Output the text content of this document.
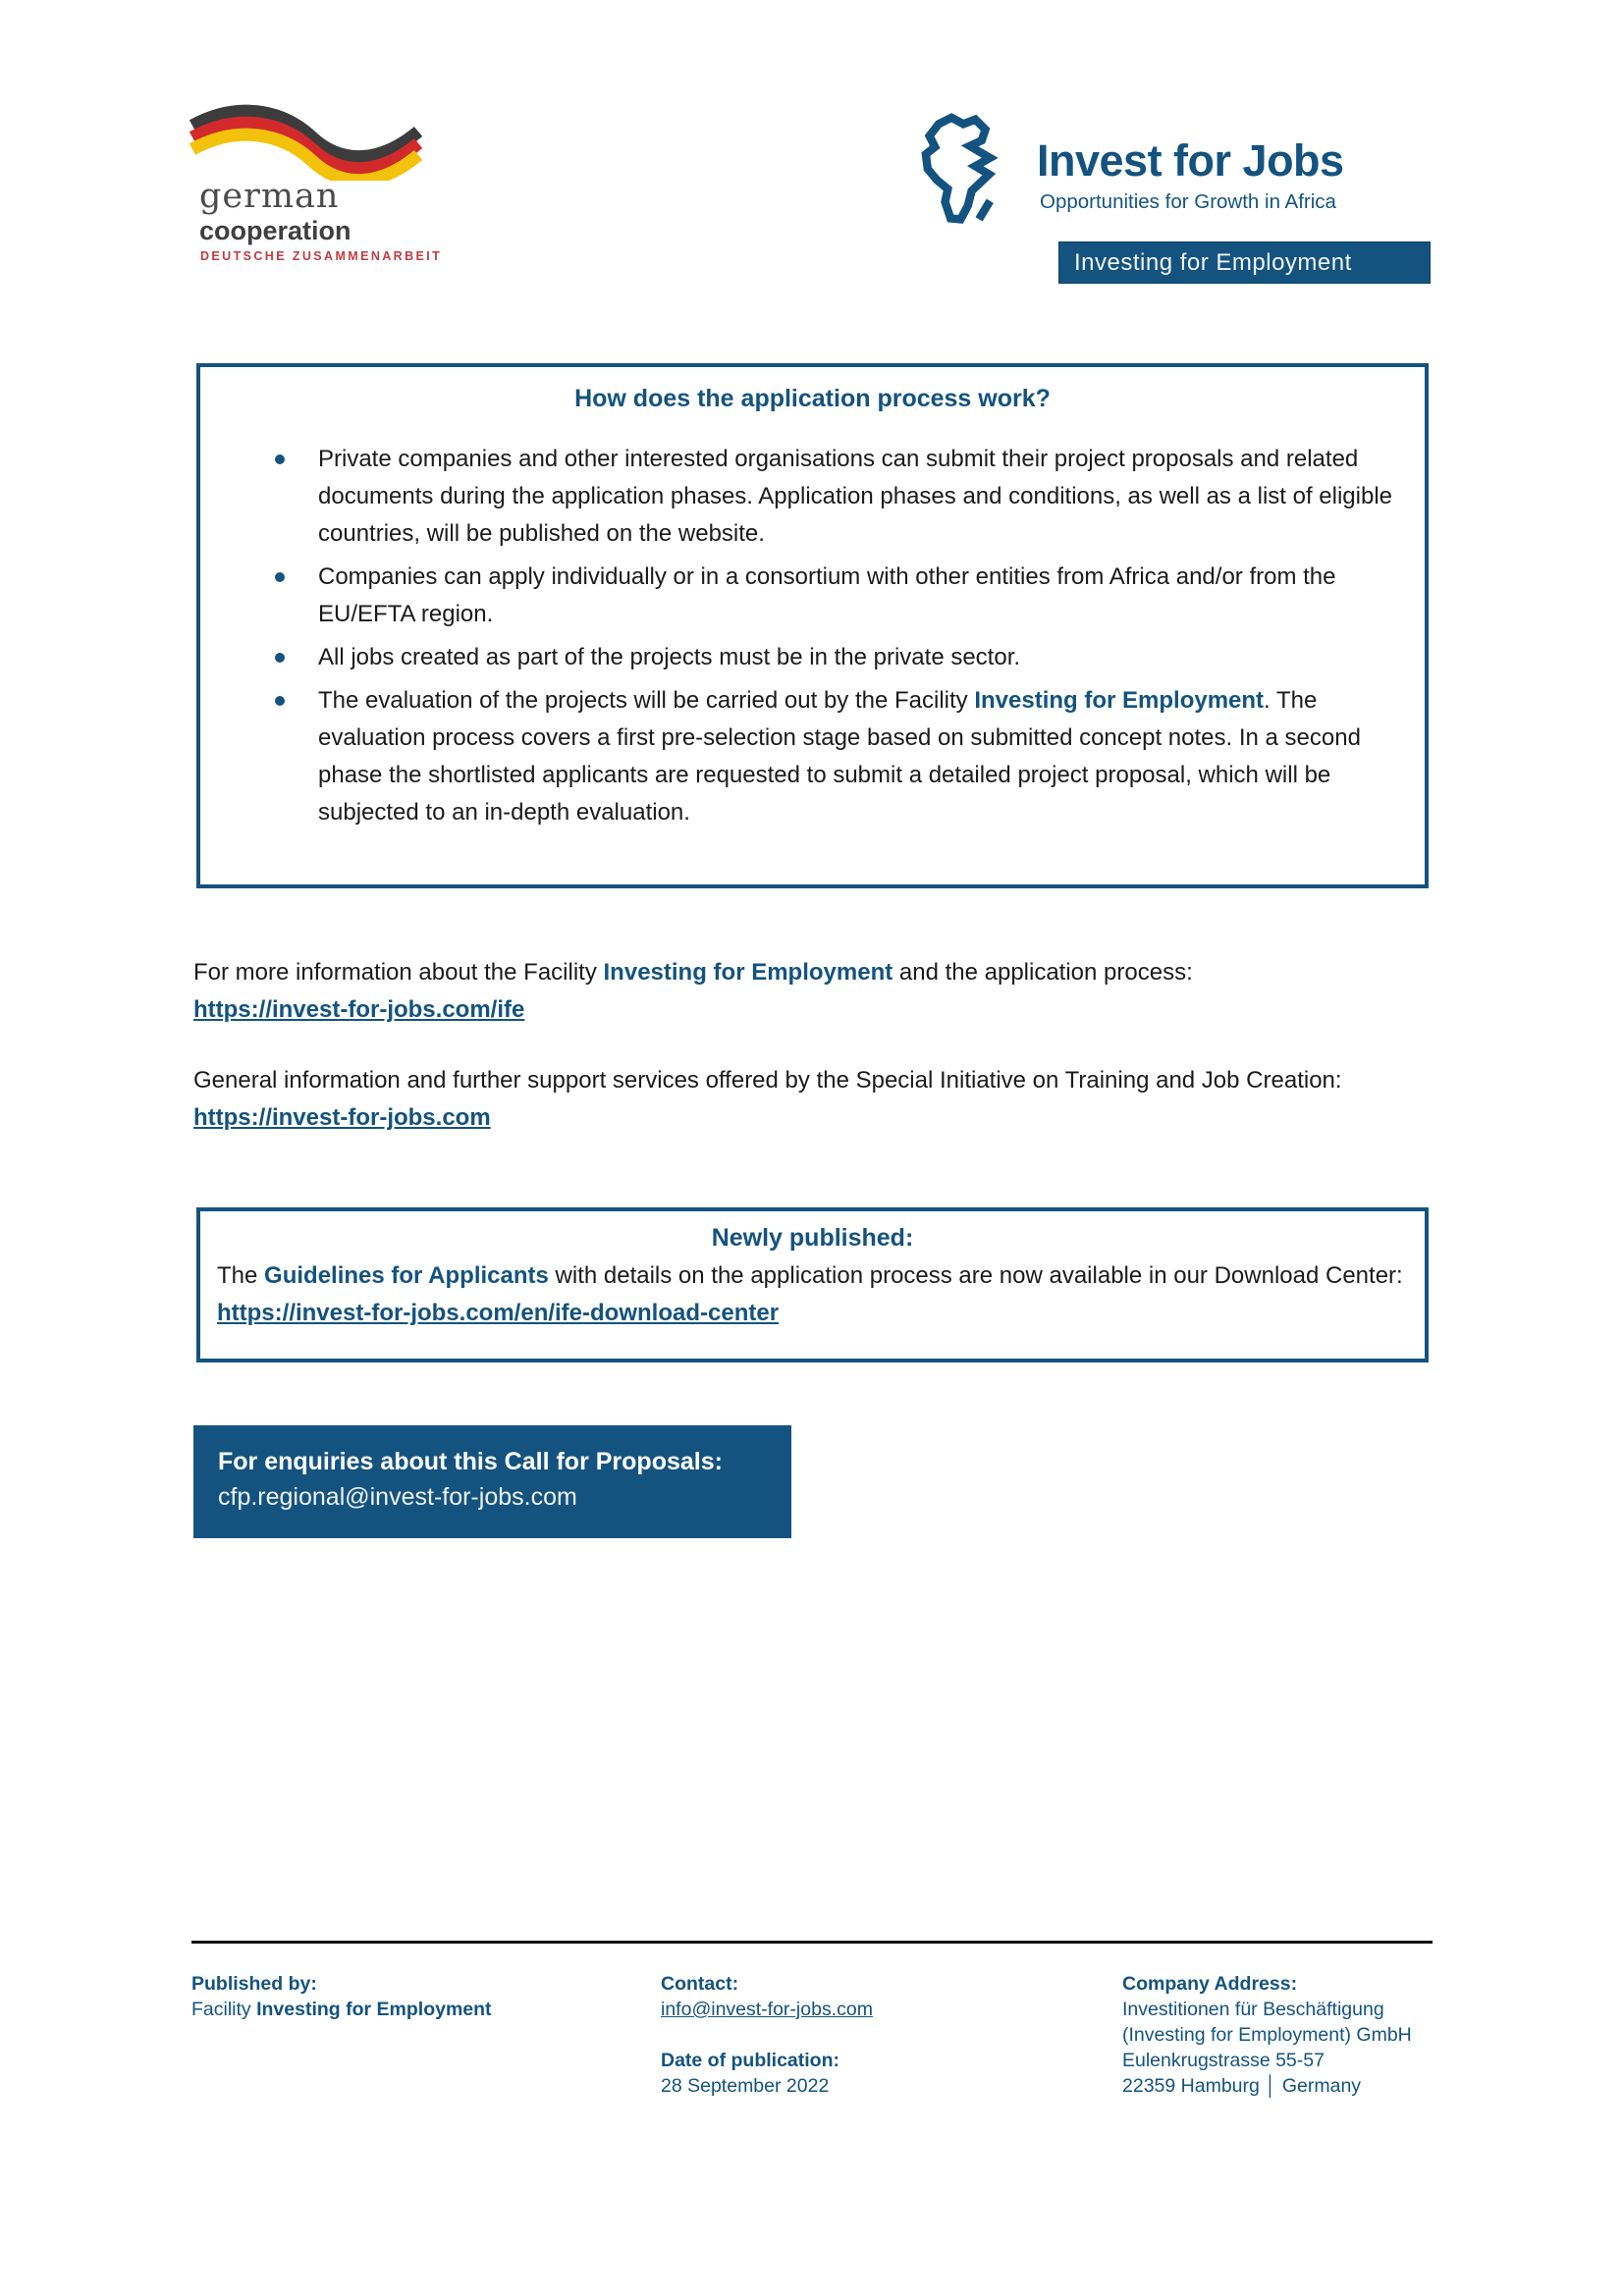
german
cooperation
DEUTSCHE ZUSAMMENARBEIT
Invest for Jobs
Opportunities for Growth in Africa
Investing for Employment
How does the application process work?
Private companies and other interested organisations can submit their project proposals and related documents during the application phases. Application phases and conditions, as well as a list of eligible countries, will be published on the website.
Companies can apply individually or in a consortium with other entities from Africa and/or from the EU/EFTA region.
All jobs created as part of the projects must be in the private sector.
The evaluation of the projects will be carried out by the Facility Investing for Employment. The evaluation process covers a first pre-selection stage based on submitted concept notes. In a second phase the shortlisted applicants are requested to submit a detailed project proposal, which will be subjected to an in-depth evaluation.
For more information about the Facility Investing for Employment and the application process:
https://invest-for-jobs.com/ife
General information and further support services offered by the Special Initiative on Training and Job Creation: https://invest-for-jobs.com
Newly published:
The Guidelines for Applicants with details on the application process are now available in our Download Center: https://invest-for-jobs.com/en/ife-download-center
For enquiries about this Call for Proposals:
cfp.regional@invest-for-jobs.com
Published by:
Facility Investing for Employment
Contact:
info@invest-for-jobs.com
Date of publication:
28 September 2022
Company Address:
Investitionen für Beschäftigung
(Investing for Employment) GmbH
Eulenkrugstrasse 55-57
22359 Hamburg │ Germany
